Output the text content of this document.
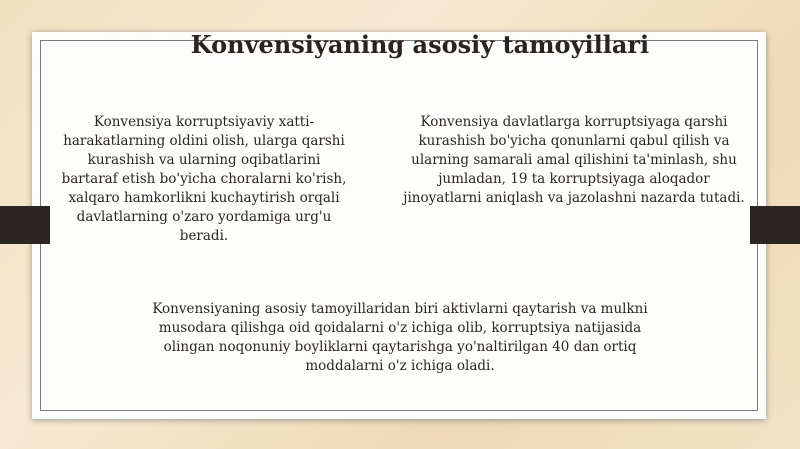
Konvensiyaning asosiy tamoyillari
Konvensiya korruptsiyaviy xatti-harakatlarning oldini olish, ularga qarshi kurashish va ularning oqibatlarini bartaraf etish bo'yicha choralarni ko'rish, xalqaro hamkorlikni kuchaytirish orqali davlatlarning o'zaro yordamiga urg'u beradi.
Konvensiya davlatlarga korruptsiyaga qarshi kurashish bo'yicha qonunlarni qabul qilish va ularning samarali amal qilishini ta'minlash, shu jumladan, 19 ta korruptsiyaga aloqador jinoyatlarni aniqlash va jazolashni nazarda tutadi.
Konvensiyaning asosiy tamoyillaridan biri aktivlarni qaytarish va mulkni musodara qilishga oid qoidalarni o'z ichiga olib, korruptsiya natijasida olingan noqonuniy boyliklarni qaytarishga yo'naltirilgan 40 dan ortiq moddalarni o'z ichiga oladi.
